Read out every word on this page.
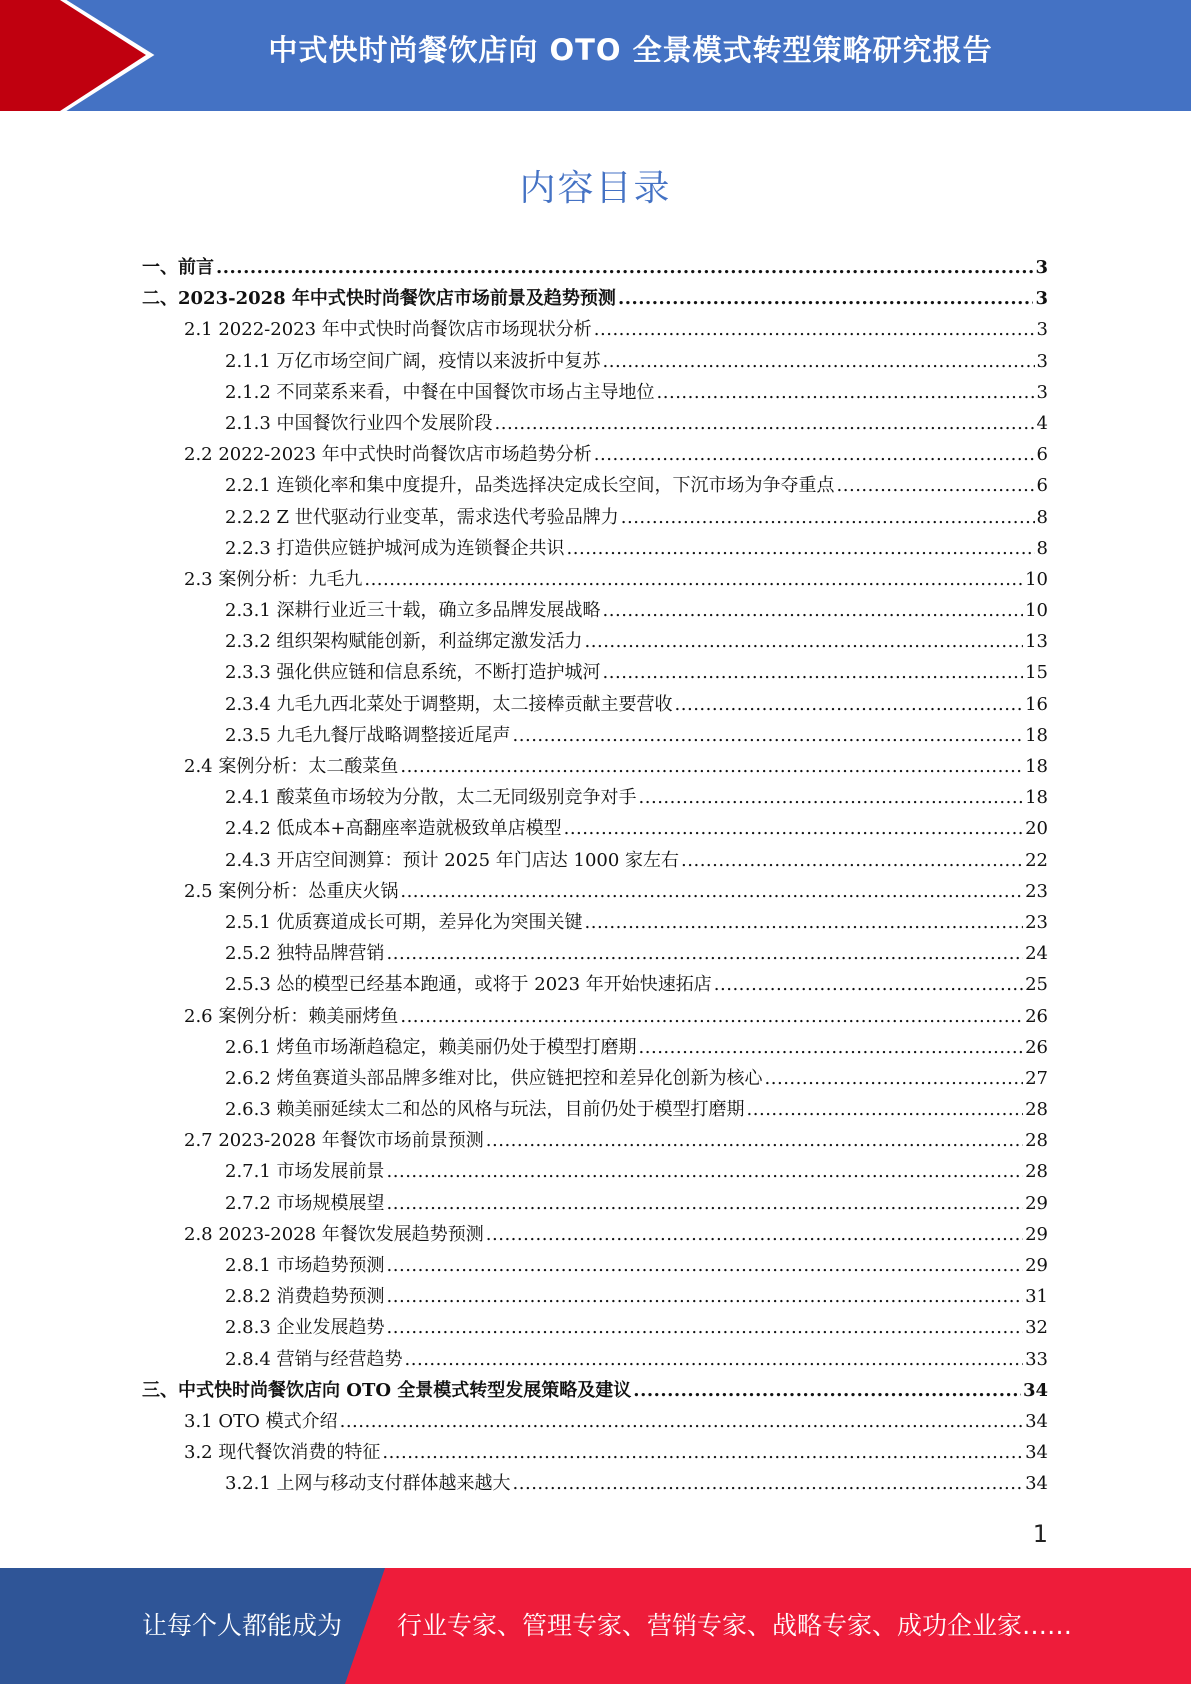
中式快时尚餐饮店向 OTO 全景模式转型策略研究报告
内容目录
一、前言 .....	3
二、2023-2028 年中式快时尚餐饮店市场前景及趋势预测 .....	3
2.1 2022-2023 年中式快时尚餐饮店市场现状分析 .....	3
2.1.1 万亿市场空间广阔，疫情以来波折中复苏 .....	3
2.1.2 不同菜系来看，中餐在中国餐饮市场占主导地位 .....	3
2.1.3 中国餐饮行业四个发展阶段 .....	4
2.2 2022-2023 年中式快时尚餐饮店市场趋势分析 .....	6
2.2.1 连锁化率和集中度提升，品类选择决定成长空间，下沉市场为争夺重点 .....	6
2.2.2 Z 世代驱动行业变革，需求迭代考验品牌力 .....	8
2.2.3 打造供应链护城河成为连锁餐企共识 .....	8
2.3 案例分析：九毛九 .....	10
2.3.1 深耕行业近三十载，确立多品牌发展战略 .....	10
2.3.2 组织架构赋能创新，利益绑定激发活力 .....	13
2.3.3 强化供应链和信息系统，不断打造护城河 .....	15
2.3.4 九毛九西北菜处于调整期，太二接棒贡献主要营收 .....	16
2.3.5 九毛九餐厅战略调整接近尾声 .....	18
2.4 案例分析：太二酸菜鱼 .....	18
2.4.1 酸菜鱼市场较为分散，太二无同级别竞争对手 .....	18
2.4.2 低成本+高翻座率造就极致单店模型 .....	20
2.4.3 开店空间测算：预计 2025 年门店达 1000 家左右 .....	22
2.5 案例分析：怂重庆火锅 .....	23
2.5.1 优质赛道成长可期，差异化为突围关键 .....	23
2.5.2 独特品牌营销 .....	24
2.5.3 怂的模型已经基本跑通，或将于 2023 年开始快速拓店 .....	25
2.6 案例分析：赖美丽烤鱼 .....	26
2.6.1 烤鱼市场渐趋稳定，赖美丽仍处于模型打磨期 .....	26
2.6.2 烤鱼赛道头部品牌多维对比，供应链把控和差异化创新为核心 .....	27
2.6.3 赖美丽延续太二和怂的风格与玩法，目前仍处于模型打磨期 .....	28
2.7 2023-2028 年餐饮市场前景预测 .....	28
2.7.1 市场发展前景 .....	28
2.7.2 市场规模展望 .....	29
2.8 2023-2028 年餐饮发展趋势预测 .....	29
2.8.1 市场趋势预测 .....	29
2.8.2 消费趋势预测 .....	31
2.8.3 企业发展趋势 .....	32
2.8.4 营销与经营趋势 .....	33
三、中式快时尚餐饮店向 OTO 全景模式转型发展策略及建议 .....	34
3.1 OTO 模式介绍 .....	34
3.2 现代餐饮消费的特征 .....	34
3.2.1 上网与移动支付群体越来越大 .....	34
1
让每个人都能成为 行业专家、管理专家、营销专家、战略专家、成功企业家……
